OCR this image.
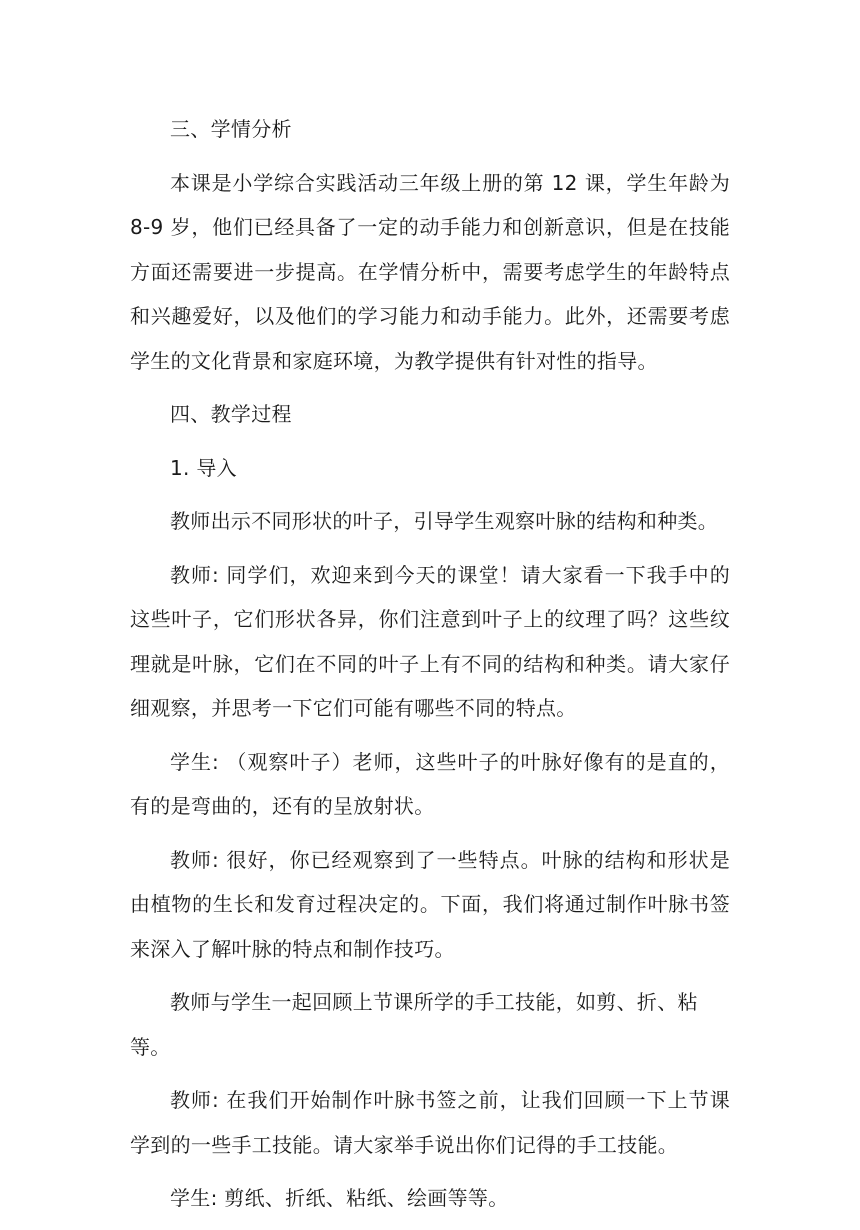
三、学情分析

本课是小学综合实践活动三年级上册的第 12 课，学生年龄为 8-9 岁，他们已经具备了一定的动手能力和创新意识，但是在技能方面还需要进一步提高。在学情分析中，需要考虑学生的年龄特点和兴趣爱好，以及他们的学习能力和动手能力。此外，还需要考虑学生的文化背景和家庭环境，为教学提供有针对性的指导。

四、教学过程

1. 导入

教师出示不同形状的叶子，引导学生观察叶脉的结构和种类。

教师: 同学们，欢迎来到今天的课堂！请大家看一下我手中的这些叶子，它们形状各异，你们注意到叶子上的纹理了吗？这些纹理就是叶脉，它们在不同的叶子上有不同的结构和种类。请大家仔细观察，并思考一下它们可能有哪些不同的特点。

学生: （观察叶子）老师，这些叶子的叶脉好像有的是直的，有的是弯曲的，还有的呈放射状。

教师: 很好，你已经观察到了一些特点。叶脉的结构和形状是由植物的生长和发育过程决定的。下面，我们将通过制作叶脉书签来深入了解叶脉的特点和制作技巧。

教师与学生一起回顾上节课所学的手工技能，如剪、折、粘等。

教师: 在我们开始制作叶脉书签之前，让我们回顾一下上节课学到的一些手工技能。请大家举手说出你们记得的手工技能。

学生: 剪纸、折纸、粘纸、绘画等等。
